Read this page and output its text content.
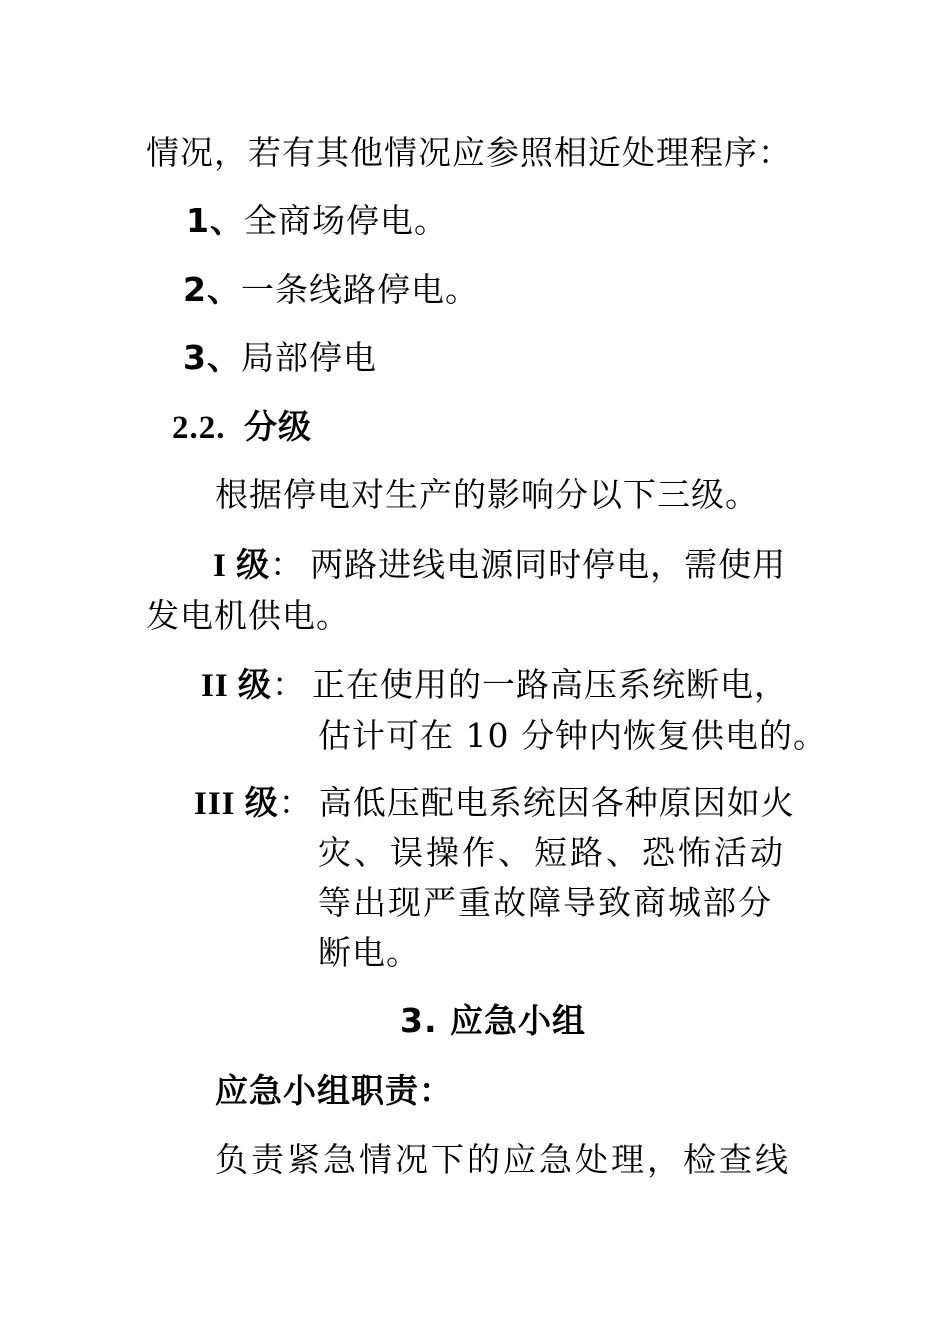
情况，若有其他情况应参照相近处理程序：
1、全商场停电。
2、一条线路停电。
3、局部停电
2.2. 分级
根据停电对生产的影响分以下三级。
I 级： 两路进线电源同时停电，需使用
发电机供电。
II 级： 正在使用的一路高压系统断电，
估计可在 10 分钟内恢复供电的。
III 级： 高低压配电系统因各种原因如火
灾、误操作、短路、恐怖活动
等出现严重故障导致商城部分
断电。
3. 应急小组
应急小组职责：
负责紧急情况下的应急处理，检查线
